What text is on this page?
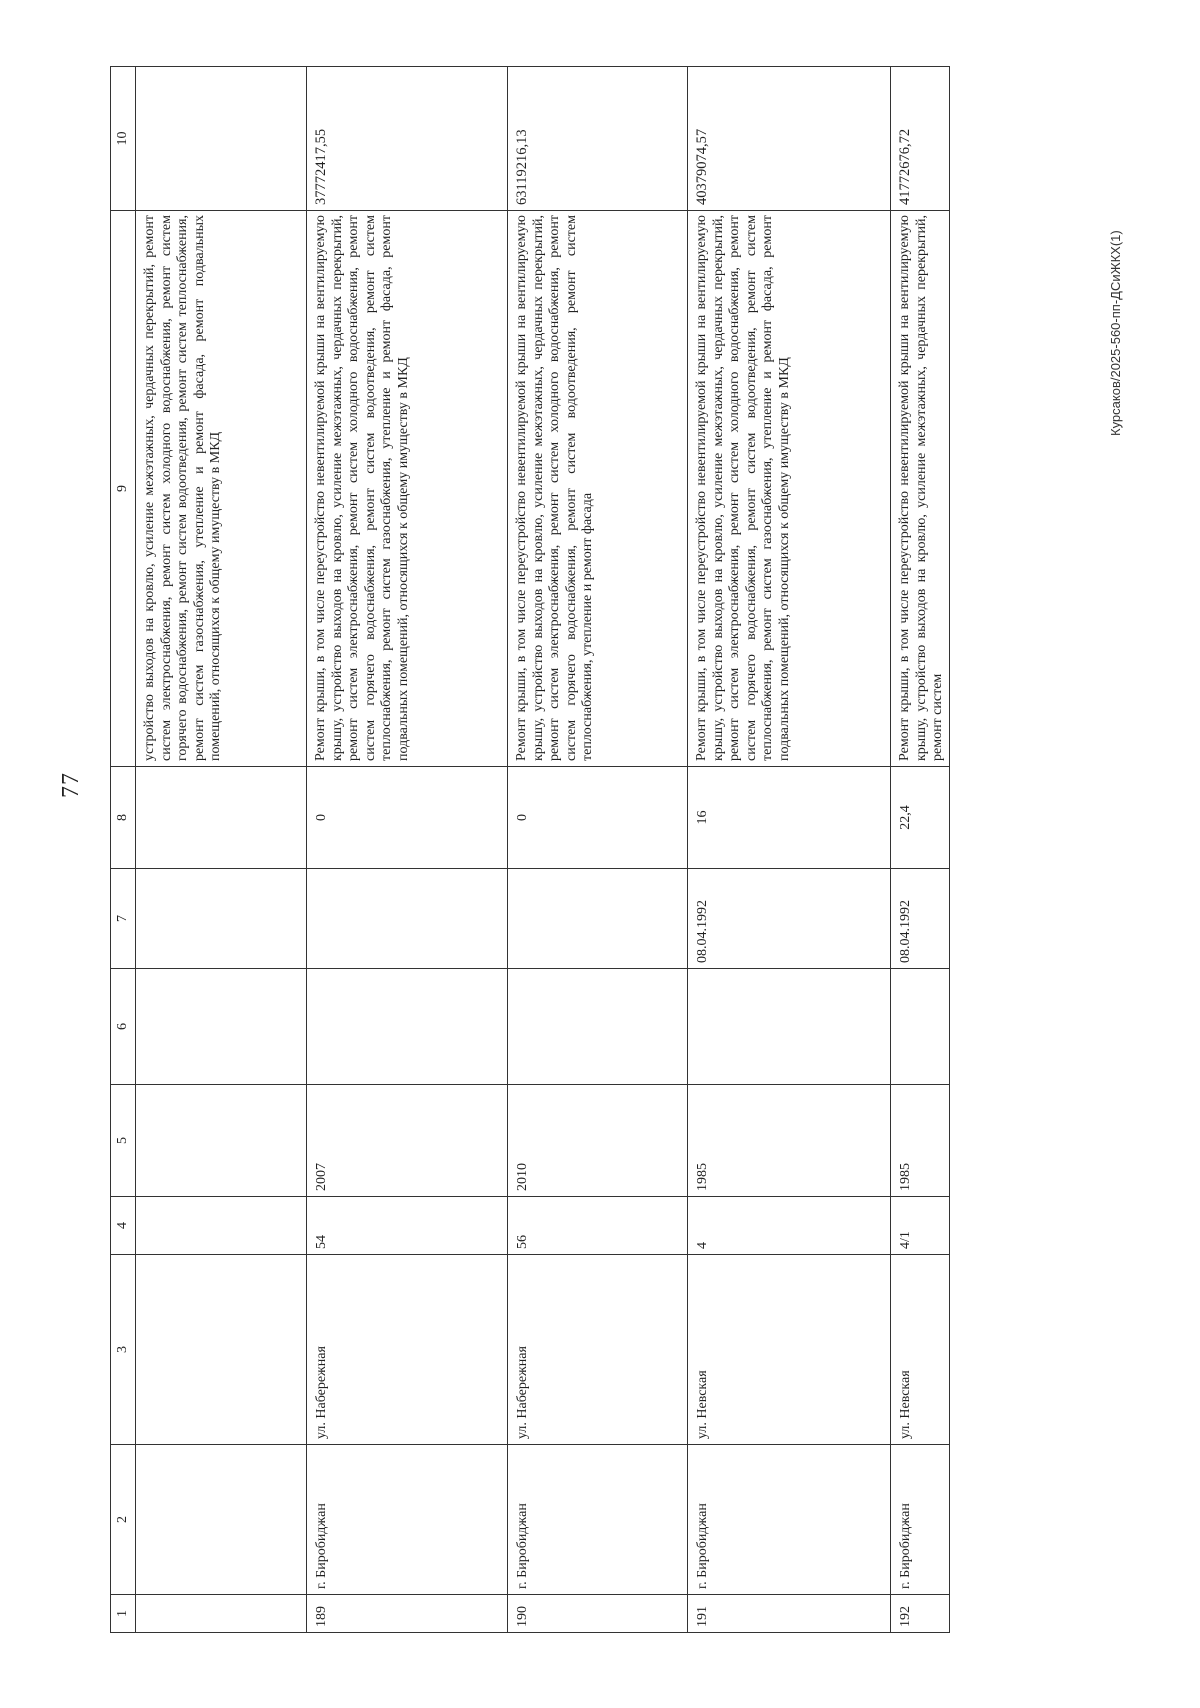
77
1	2	3	4	5	6	7	8	9	10
								устройство выходов на кровлю, усиление межэтажных, чердачных перекрытий, ремонт систем электроснабжения, ремонт систем холодного водоснабжения, ремонт систем горячего водоснабжения, ремонт систем водоотведения, ремонт систем теплоснабжения, ремонт систем газоснабжения, утепление и ремонт фасада, ремонт подвальных помещений, относящихся к общему имуществу в МКД	
189	г. Биробиджан	ул. Набережная	54	2007			0	Ремонт крыши, в том числе переустройство невентилируемой крыши на вентилируемую крышу, устройство выходов на кровлю, усиление межэтажных, чердачных перекрытий, ремонт систем электроснабжения, ремонт систем холодного водоснабжения, ремонт систем горячего водоснабжения, ремонт систем водоотведения, ремонт систем теплоснабжения, ремонт систем газоснабжения, утепление и ремонт фасада, ремонт подвальных помещений, относящихся к общему имуществу в МКД	37772417,55
190	г. Биробиджан	ул. Набережная	56	2010			0	Ремонт крыши, в том числе переустройство невентилируемой крыши на вентилируемую крышу, устройство выходов на кровлю, усиление межэтажных, чердачных перекрытий, ремонт систем электроснабжения, ремонт систем холодного водоснабжения, ремонт систем горячего водоснабжения, ремонт систем водоотведения, ремонт систем теплоснабжения, утепление и ремонт фасада	63119216,13
191	г. Биробиджан	ул. Невская	4	1985		08.04.1992	16	Ремонт крыши, в том числе переустройство невентилируемой крыши на вентилируемую крышу, устройство выходов на кровлю, усиление межэтажных, чердачных перекрытий, ремонт систем электроснабжения, ремонт систем холодного водоснабжения, ремонт систем горячего водоснабжения, ремонт систем водоотведения, ремонт систем теплоснабжения, ремонт систем газоснабжения, утепление и ремонт фасада, ремонт подвальных помещений, относящихся к общему имуществу в МКД	40379074,57
192	г. Биробиджан	ул. Невская	4/1	1985		08.04.1992	22,4	Ремонт крыши, в том числе переустройство невентилируемой крыши на вентилируемую крышу, устройство выходов на кровлю, усиление межэтажных, чердачных перекрытий, ремонт систем	41772676,72
Курсаков/2025-560-пп-ДСиЖКХ(1)
